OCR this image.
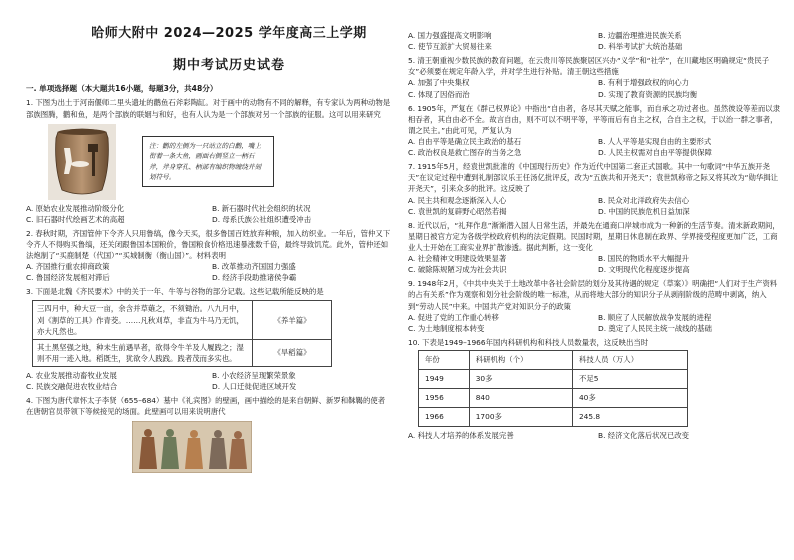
哈师大附中 2024—2025 学年度高三上学期
期中考试历史试卷
一. 单项选择题（本大题共16小题，每题3分，共48分）

1. 下图为出土于河南偃师二里头遗址的鹳鱼石斧彩陶缸。对于画中的动物有不同的解释，有专家认为两种动物是部族图腾，鹳和鱼，是两个部族的联姻与和好，也有人认为是一个部族对另一个部族的征服。这可以用来研究

注：鹳的左侧为一只站立的白鹳，嘴上衔着一条大鱼，画面右侧竖立一柄石斧，斧身穿孔、柄部有编织物缠绕并刻划符号。
A. 原始农业发展推动阶级分化	B. 新石器时代社会组织的状况
C. 旧石器时代绘画艺术的高超	D. 母系氏族公社组织遭受冲击

2. 春秋时期，齐国管仲下令齐人只用鲁缟，像今天买，很多鲁国百姓放弃种粮，加入纺织业。一年后，管仲又下令齐人不得购买鲁缟，还关闭跟鲁国本国粮价，鲁国粮食价格迅速暴涨数千倍，最终导致饥荒。此外，管仲还如法炮制了“买鹿制楚（代国）”“买城制衡（衡山国）”。材料表明

A. 齐国推行重农抑商政策	B. 改革推动齐国国力强盛
C. 鲁国经济发展相对滞后	D. 经济手段助推诸侯争霸

3. 下面是北魏《齐民要术》中的关于一年、牛等与谷物的部分记载。这些记载所能反映的是

三四月中，种大豆一亩，余含并草薙之，不须锄治。八九月中，刈《割草的工具》作青茭。……凡秋刈草，非直为牛马乃无饥，亦大凡然也。	《养羊篇》
其土黑坚强之地，种未生前遇旱者，欲得令牛羊及人履践之；湿则不用一迹入地。稻既生，犹欲令人践践。践者茂而多实也。	《旱稻篇》
A. 农业发展推动畜牧业发展	B. 小农经济呈现繁荣景象
C. 民族交融促进农牧业结合	D. 人口迁徙促进区域开发

4. 下图为唐代章怀太子李贤（655–684）墓中《礼宾图》的壁画，画中描绘的是来自朝鲜、新罗和靺鞨的使者在唐朝官员带领下等候接见的场面。此壁画可以用来说明唐代

A. 国力强盛提高文明影响	B. 边疆治理推进民族关系
C. 使节互派扩大贸易往来	D. 科举考试扩大统治基础

5. 清王朝重视少数民族的教育问题，在云贵川等民族聚居区兴办“义学”和“社学”，在川藏地区明确规定“贵民子女”必须要在规定年龄入学，并对学生进行补贴。清王朝这些措施

A. 加强了中央集权	B. 有利于增强政权的向心力
C. 体现了因俗而治	D. 实现了教育资源的民族均衡

6. 1905年，严复在《群己权界论》中指出“自由者，各尽其天赋之能事，而自承之功过者也。虽然彼设等差而以隶相吞者，其自由必不全。故言自由，则不可以不明平等，平等而后有自主之权，合自主之权，于以治一群之事者，谓之民主。”由此可见，严复认为

A. 自由平等是确立民主政治的基石	B. 人人平等是实现自由的主要形式
C. 政治权良是救亡图存的当务之急	D. 人民主权需对自由平等提供保障

7. 1915年5月，经袁世凯批准的《中国现行历史》作为近代中国第二套正式国歌。其中一句歌词“中华五族开尧天”在议定过程中遭到礼制部议乐王任汤亿批评反，改为“五族共和开尧天”；袁世凯称帝之际又将其改为“勋华揖让开尧天”，引来众多的批评。这反映了

A. 民主共和观念逐渐深入人心	B. 民众对北洋政府失去信心
C. 袁世凯的复辟野心昭然若揭	D. 中国的民族危机日益加深

8. 近代以后，“礼拜作息”渐渐潜入国人日常生活，并最先在通商口岸城市成为一种新的生活节奏。清末新政期间，星期日被官方定为各级学校政府机构的法定假期。民国时期，星期日休息制在政界、学界接受程度更加广泛，工商业人士开始在工商实业界扩散渗透。据此判断，这一变化

A. 社会精神文明建设效果显著	B. 国民的物质水平大幅提升
C. 破除陈规陋习成为社会共识	D. 文明现代化程度逐步提高

9. 1948年2月，《中共中央关于土地改革中各社会阶层的划分及其待遇的规定（草案）》明确把“人们对于生产资料的占有关系”作为观察和划分社会阶级的唯一标准，从而将地大部分的知识分子从剥削阶级的范畴中剥离，纳入到“劳动人民”中来。中国共产党对知识分子的政策

A. 促进了党的工作重心转移	B. 顺应了人民解放战争发展的进程
C. 为土地制度根本转变	D. 奠定了人民民主统一战线的基础

10. 下表是1949–1966年国内科研机构和科技人员数量表，这反映出当时

年份	科研机构（个）	科技人员（万人）
1949	30多	不足5
1956	840	40多
1966	1700多	245.8
A. 科技人才培养的体系发展完善	B. 经济文化落后状况已改变
